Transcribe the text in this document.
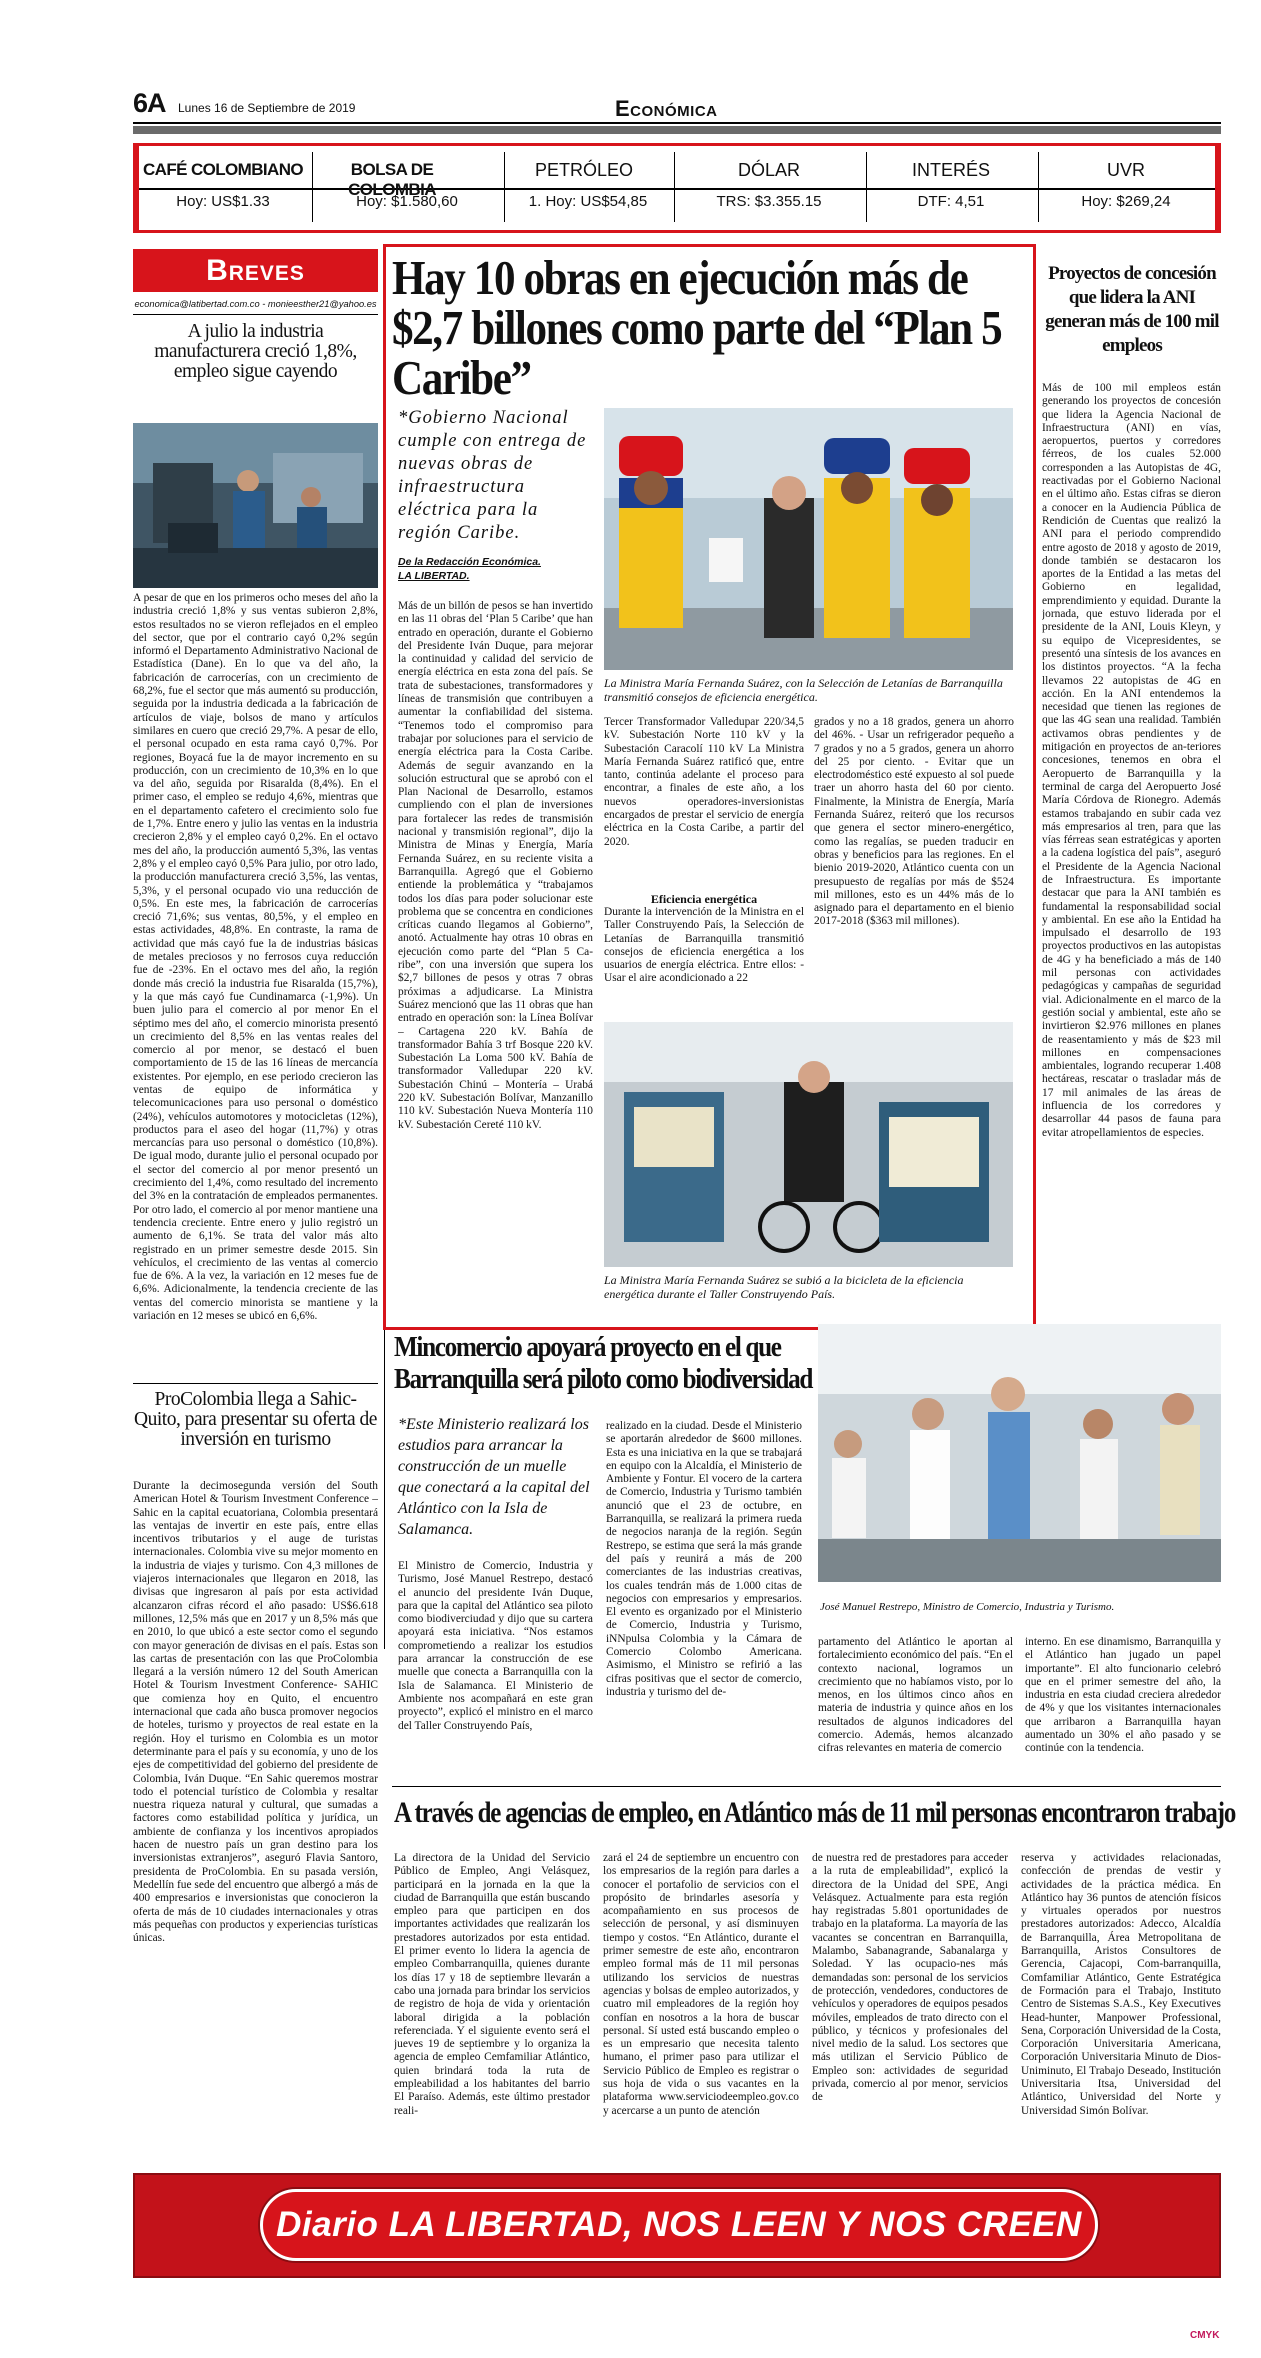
6A Lunes 16 de Septiembre de 2019	Económica
CAFÉ COLOMBIANO
Hoy: US$1.33
BOLSA DE COLOMBIA
Hoy: $1.580,60
PETRÓLEO
1. Hoy: US$54,85
DÓLAR
TRS: $3.355.15
INTERÉS
DTF: 4,51
UVR
Hoy: $269,24
Breves
economica@latibertad.com.co - monieesther21@yahoo.es
A julio la industria manufacturera creció 1,8%, empleo sigue cayendo

A pesar de que en los primeros ocho meses del año la industria creció 1,8% y sus ventas subieron 2,8%, estos resultados no se vieron reflejados en el empleo del sector, que por el contrario cayó 0,2% según informó el Departamento Administrativo Nacional de Estadística (Dane). En lo que va del año, la fabricación de carrocerías, con un crecimiento de 68,2%, fue el sector que más aumentó su producción, seguida por la industria dedicada a la fabricación de artículos de viaje, bolsos de mano y artículos similares en cuero que creció 29,7%. A pesar de ello, el personal ocupado en esta rama cayó 0,7%. Por regiones, Boyacá fue la de mayor incremento en su producción, con un crecimiento de 10,3% en lo que va del año, seguida por Risaralda (8,4%). En el primer caso, el empleo se redujo 4,6%, mientras que en el departamento cafetero el crecimiento solo fue de 1,7%. Entre enero y julio las ventas en la industria crecieron 2,8% y el empleo cayó 0,2%. En el octavo mes del año, la producción aumentó 5,3%, las ventas 2,8% y el empleo cayó 0,5% Para julio, por otro lado, la producción manufacturera creció 3,5%, las ventas, 5,3%, y el personal ocupado vio una reducción de 0,5%. En este mes, la fabricación de carrocerías creció 71,6%; sus ventas, 80,5%, y el empleo en estas actividades, 48,8%. En contraste, la rama de actividad que más cayó fue la de industrias básicas de metales preciosos y no ferrosos cuya reducción fue de -23%. En el octavo mes del año, la región donde más creció la industria fue Risaralda (15,7%), y la que más cayó fue Cundinamarca (-1,9%). Un buen julio para el comercio al por menor En el séptimo mes del año, el comercio minorista presentó un crecimiento del 8,5% en las ventas reales del comercio al por menor, se destacó el buen comportamiento de 15 de las 16 líneas de mercancía existentes. Por ejemplo, en ese periodo crecieron las ventas de equipo de informática y telecomunicaciones para uso personal o doméstico (24%), vehículos automotores y motocicletas (12%), productos para el aseo del hogar (11,7%) y otras mercancías para uso personal o doméstico (10,8%). De igual modo, durante julio el personal ocupado por el sector del comercio al por menor presentó un crecimiento del 1,4%, como resultado del incremento del 3% en la contratación de empleados permanentes. Por otro lado, el comercio al por menor mantiene una tendencia creciente. Entre enero y julio registró un aumento de 6,1%. Se trata del valor más alto registrado en un primer semestre desde 2015. Sin vehículos, el crecimiento de las ventas al comercio fue de 6%. A la vez, la variación en 12 meses fue de 6,6%. Adicionalmente, la tendencia creciente de las ventas del comercio minorista se mantiene y la variación en 12 meses se ubicó en 6,6%.

ProColombia llega a Sahic-Quito, para presentar su oferta de inversión en turismo

Durante la decimosegunda versión del South American Hotel & Tourism Investment Conference – Sahic en la capital ecuatoriana, Colombia presentará las ventajas de invertir en este país, entre ellas incentivos tributarios y el auge de turistas internacionales. Colombia vive su mejor momento en la industria de viajes y turismo. Con 4,3 millones de viajeros internacionales que llegaron en 2018, las divisas que ingresaron al país por esta actividad alcanzaron cifras récord el año pasado: US$6.618 millones, 12,5% más que en 2017 y un 8,5% más que en 2010, lo que ubicó a este sector como el segundo con mayor generación de divisas en el país. Estas son las cartas de presentación con las que ProColombia llegará a la versión número 12 del South American Hotel & Tourism Investment Conference- SAHIC que comienza hoy en Quito, el encuentro internacional que cada año busca promover negocios de hoteles, turismo y proyectos de real estate en la región. Hoy el turismo en Colombia es un motor determinante para el país y su economía, y uno de los ejes de competitividad del gobierno del presidente de Colombia, Iván Duque. “En Sahic queremos mostrar todo el potencial turístico de Colombia y resaltar nuestra riqueza natural y cultural, que sumadas a factores como estabilidad política y jurídica, un ambiente de confianza y los incentivos apropiados hacen de nuestro país un gran destino para los inversionistas extranjeros”, aseguró Flavia Santoro, presidenta de ProColombia. En su pasada versión, Medellín fue sede del encuentro que albergó a más de 400 empresarios e inversionistas que conocieron la oferta de más de 10 ciudades internacionales y otras más pequeñas con productos y experiencias turísticas únicas.

Hay 10 obras en ejecución más de $2,7 billones como parte del “Plan 5 Caribe”
*Gobierno Nacional cumple con entrega de nuevas obras de infraestructura eléctrica para la región Caribe.
De la Redacción Económica.
LA LIBERTAD.

Más de un billón de pesos se han invertido en las 11 obras del ‘Plan 5 Caribe’ que han entrado en operación, durante el Gobierno del Presidente Iván Duque, para mejorar la continuidad y calidad del servicio de energía eléctrica en esta zona del país. Se trata de subestaciones, transformadores y líneas de transmisión que contribuyen a aumentar la confiabilidad del sistema. “Tenemos todo el compromiso para trabajar por soluciones para el servicio de energía eléctrica para la Costa Caribe. Además de seguir avanzando en la solución estructural que se aprobó con el Plan Nacional de Desarrollo, estamos cumpliendo con el plan de inversiones para fortalecer las redes de transmisión nacional y transmisión regional”, dijo la Ministra de Minas y Energía, María Fernanda Suárez, en su reciente visita a Barranquilla. Agregó que el Gobierno entiende la problemática y “trabajamos todos los días para poder solucionar este problema que se concentra en condiciones críticas cuando llegamos al Gobierno”, anotó. Actualmente hay otras 10 obras en ejecución como parte del “Plan 5 Ca-ribe”, con una inversión que supera los $2,7 billones de pesos y otras 7 obras próximas a adjudicarse. La Ministra Suárez mencionó que las 11 obras que han entrado en operación son: la Línea Bolívar – Cartagena 220 kV. Bahía de transformador Bahía 3 trf Bosque 220 kV. Subestación La Loma 500 kV. Bahía de transformador Valledupar 220 kV. Subestación Chinú – Montería – Urabá 220 kV. Subestación Bolívar, Manzanillo 110 kV. Subestación Nueva Montería 110 kV. Subestación Cereté 110 kV.

La Ministra María Fernanda Suárez, con la Selección de Letanías de Barranquilla transmitió consejos de eficiencia energética.

Tercer Transformador Valledupar 220/34,5 kV. Subestación Norte 110 kV y la Subestación Caracolí 110 kV La Ministra María Fernanda Suárez ratificó que, entre tanto, continúa adelante el proceso para encontrar, a finales de este año, a los nuevos operadores-inversionistas encargados de prestar el servicio de energía eléctrica en la Costa Caribe, a partir del 2020.

Eficiencia energética

Durante la intervención de la Ministra en el Taller Construyendo País, la Selección de Letanías de Barranquilla transmitió consejos de eficiencia energética a los usuarios de energía eléctrica. Entre ellos: - Usar el aire acondicionado a 22

grados y no a 18 grados, genera un ahorro del 46%. - Usar un refrigerador pequeño a 7 grados y no a 5 grados, genera un ahorro del 25 por ciento. - Evitar que un electrodoméstico esté expuesto al sol puede traer un ahorro hasta del 60 por ciento. Finalmente, la Ministra de Energía, María Fernanda Suárez, reiteró que los recursos que genera el sector minero-energético, como las regalías, se pueden traducir en obras y beneficios para las regiones. En el bienio 2019-2020, Atlántico cuenta con un presupuesto de regalías por más de $524 mil millones, esto es un 44% más de lo asignado para el departamento en el bienio 2017-2018 ($363 mil millones).

La Ministra María Fernanda Suárez se subió a la bicicleta de la eficiencia energética durante el Taller Construyendo País.
Proyectos de concesión que lidera la ANI generan más de 100 mil empleos

Más de 100 mil empleos están generando los proyectos de concesión que lidera la Agencia Nacional de Infraestructura (ANI) en vías, aeropuertos, puertos y corredores férreos, de los cuales 52.000 corresponden a las Autopistas de 4G, reactivadas por el Gobierno Nacional en el último año. Estas cifras se dieron a conocer en la Audiencia Pública de Rendición de Cuentas que realizó la ANI para el periodo comprendido entre agosto de 2018 y agosto de 2019, donde también se destacaron los aportes de la Entidad a las metas del Gobierno en legalidad, emprendimiento y equidad. Durante la jornada, que estuvo liderada por el presidente de la ANI, Louis Kleyn, y su equipo de Vicepresidentes, se presentó una síntesis de los avances en los distintos proyectos. “A la fecha llevamos 22 autopistas de 4G en acción. En la ANI entendemos la necesidad que tienen las regiones de que las 4G sean una realidad. También activamos obras pendientes y de mitigación en proyectos de an-teriores concesiones, tenemos en obra el Aeropuerto de Barranquilla y la terminal de carga del Aeropuerto José María Córdova de Rionegro. Además estamos trabajando en subir cada vez más empresarios al tren, para que las vías férreas sean estratégicas y aporten a la cadena logística del país”, aseguró el Presidente de la Agencia Nacional de Infraestructura. Es importante destacar que para la ANI también es fundamental la responsabilidad social y ambiental. En ese año la Entidad ha impulsado el desarrollo de 193 proyectos productivos en las autopistas de 4G y ha beneficiado a más de 140 mil personas con actividades pedagógicas y campañas de seguridad vial. Adicionalmente en el marco de la gestión social y ambiental, este año se invirtieron $2.976 millones en planes de reasentamiento y más de $23 mil millones en compensaciones ambientales, logrando recuperar 1.408 hectáreas, rescatar o trasladar más de 17 mil animales de las áreas de influencia de los corredores y desarrollar 44 pasos de fauna para evitar atropellamientos de especies.

Mincomercio apoyará proyecto en el que Barranquilla será piloto como biodiversidad
*Este Ministerio realizará los estudios para arrancar la construcción de un muelle que conectará a la capital del Atlántico con la Isla de Salamanca.

El Ministro de Comercio, Industria y Turismo, José Manuel Restrepo, destacó el anuncio del presidente Iván Duque, para que la capital del Atlántico sea piloto como biodiverciudad y dijo que su cartera apoyará esta iniciativa. “Nos estamos comprometiendo a realizar los estudios para arrancar la construcción de ese muelle que conecta a Barranquilla con la Isla de Salamanca. El Ministerio de Ambiente nos acompañará en este gran proyecto”, explicó el ministro en el marco del Taller Construyendo País,

realizado en la ciudad. Desde el Ministerio se aportarán alrededor de $600 millones. Esta es una iniciativa en la que se trabajará en equipo con la Alcaldía, el Ministerio de Ambiente y Fontur. El vocero de la cartera de Comercio, Industria y Turismo también anunció que el 23 de octubre, en Barranquilla, se realizará la primera rueda de negocios naranja de la región. Según Restrepo, se estima que será la más grande del país y reunirá a más de 200 comerciantes de las industrias creativas, los cuales tendrán más de 1.000 citas de negocios con empresarios y empresarios. El evento es organizado por el Ministerio de Comercio, Industria y Turismo, iNNpulsa Colombia y la Cámara de Comercio Colombo Americana. Asimismo, el Ministro se refirió a las cifras positivas que el sector de comercio, industria y turismo del de-

José Manuel Restrepo, Ministro de Comercio, Industria y Turismo.

partamento del Atlántico le aportan al fortalecimiento económico del país. “En el contexto nacional, logramos un crecimiento que no habíamos visto, por lo menos, en los últimos cinco años en materia de industria y quince años en los resultados de algunos indicadores del comercio. Además, hemos alcanzado cifras relevantes en materia de comercio

interno. En ese dinamismo, Barranquilla y el Atlántico han jugado un papel importante”. El alto funcionario celebró que en el primer semestre del año, la industria en esta ciudad creciera alrededor de 4% y que los visitantes internacionales que arribaron a Barranquilla hayan aumentado un 30% el año pasado y se continúe con la tendencia.

A través de agencias de empleo, en Atlántico más de 11 mil personas encontraron trabajo

La directora de la Unidad del Servicio Público de Empleo, Angi Velásquez, participará en la jornada en la que la ciudad de Barranquilla que están buscando empleo para que participen en dos importantes actividades que realizarán los prestadores autorizados por esta entidad. El primer evento lo lidera la agencia de empleo Combarranquilla, quienes durante los días 17 y 18 de septiembre llevarán a cabo una jornada para brindar los servicios de registro de hoja de vida y orientación laboral dirigida a la población referenciada. Y el siguiente evento será el jueves 19 de septiembre y lo organiza la agencia de empleo Cemfamiliar Atlántico, quien brindará toda la ruta de empleabilidad a los habitantes del barrio El Paraíso. Además, este último prestador reali-

zará el 24 de septiembre un encuentro con los empresarios de la región para darles a conocer el portafolio de servicios con el propósito de brindarles asesoría y acompañamiento en sus procesos de selección de personal, y así disminuyen tiempo y costos. “En Atlántico, durante el primer semestre de este año, encontraron empleo formal más de 11 mil personas utilizando los servicios de nuestras agencias y bolsas de empleo autorizados, y cuatro mil empleadores de la región hoy confían en nosotros a la hora de buscar personal. Sí usted está buscando empleo o es un empresario que necesita talento humano, el primer paso para utilizar el Servicio Público de Empleo es registrar o sus hoja de vida o sus vacantes en la plataforma www.serviciodeempleo.gov.co y acercarse a un punto de atención

de nuestra red de prestadores para acceder a la ruta de empleabilidad”, explicó la directora de la Unidad del SPE, Angi Velásquez. Actualmente para esta región hay registradas 5.801 oportunidades de trabajo en la plataforma. La mayoría de las vacantes se concentran en Barranquilla, Malambo, Sabanagrande, Sabanalarga y Soledad. Y las ocupacio-nes más demandadas son: personal de los servicios de protección, vendedores, conductores de vehículos y operadores de equipos pesados móviles, empleados de trato directo con el público, y técnicos y profesionales del nivel medio de la salud. Los sectores que más utilizan el Servicio Público de Empleo son: actividades de seguridad privada, comercio al por menor, servicios de

reserva y actividades relacionadas, confección de prendas de vestir y actividades de la práctica médica. En Atlántico hay 36 puntos de atención físicos y virtuales operados por nuestros prestadores autorizados: Adecco, Alcaldía de Barranquilla, Área Metropolitana de Barranquilla, Aristos Consultores de Gerencia, Cajacopi, Com-barranquilla, Comfamiliar Atlántico, Gente Estratégica de Formación para el Trabajo, Instituto Centro de Sistemas S.A.S., Key Executives Head-hunter, Manpower Professional, Sena, Corporación Universidad de la Costa, Corporación Universitaria Americana, Corporación Universitaria Minuto de Dios-Uniminuto, El Trabajo Deseado, Institución Universitaria Itsa, Universidad del Atlántico, Universidad del Norte y Universidad Simón Bolívar.

Diario LA LIBERTAD, NOS LEEN Y NOS CREEN
CMYK
